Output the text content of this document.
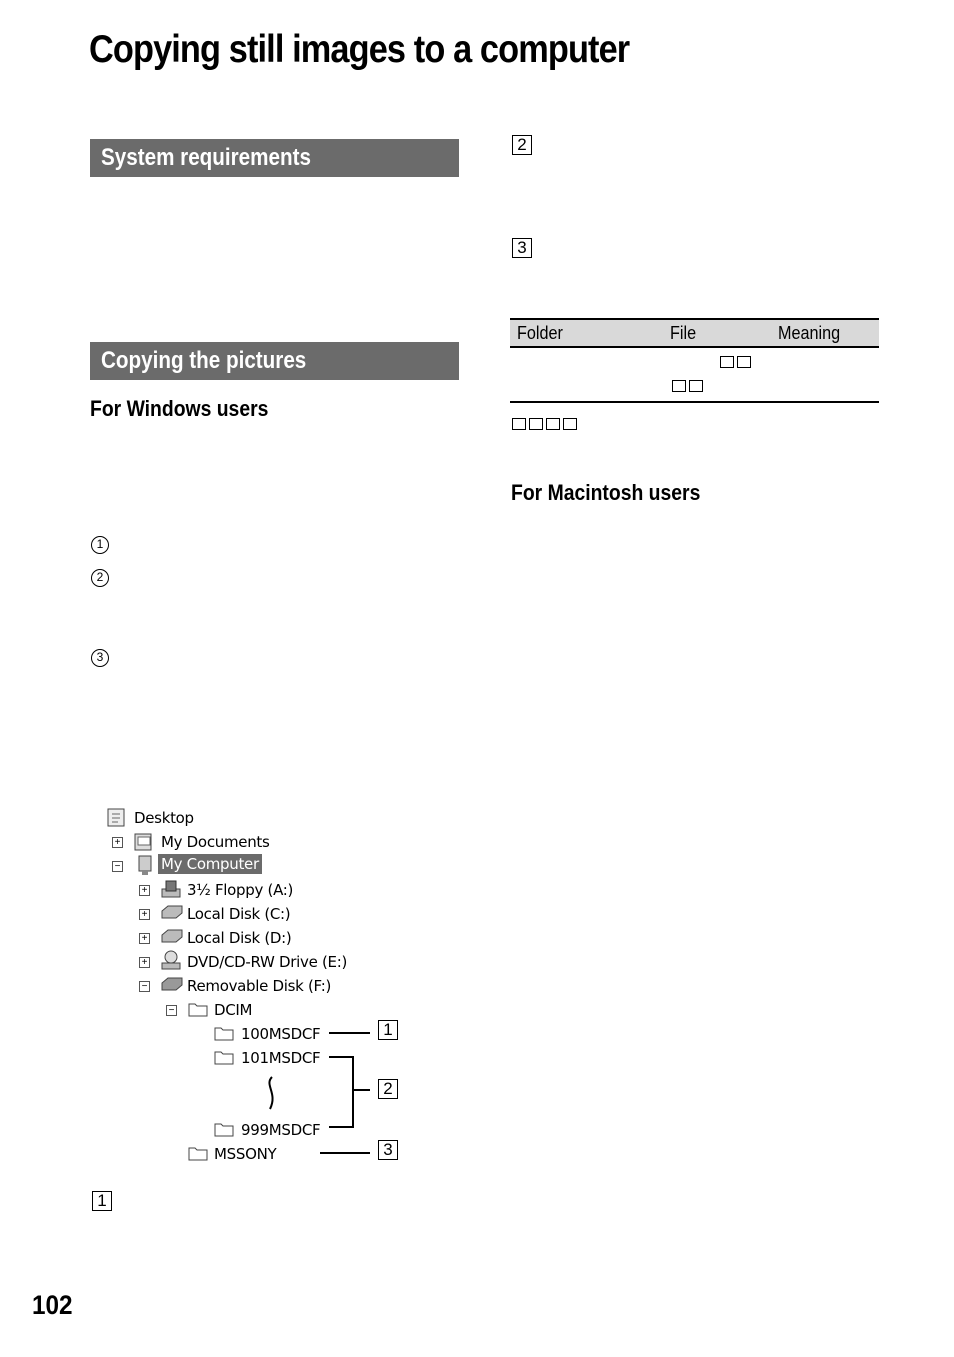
Copying still images to a computer
System requirements
Copying the pictures
For Windows users
1
2
3
2
3
Folder	File	Meaning
For Macintosh users
Desktop
+	My Documents
−	My Computer
+	3½ Floppy (A:)
+	Local Disk (C:)
+	Local Disk (D:)
+	DVD/CD-RW Drive (E:)
−	Removable Disk (F:)
−	DCIM
100MSDCF
101MSDCF
999MSDCF
MSSONY
1
2
3
1
102
